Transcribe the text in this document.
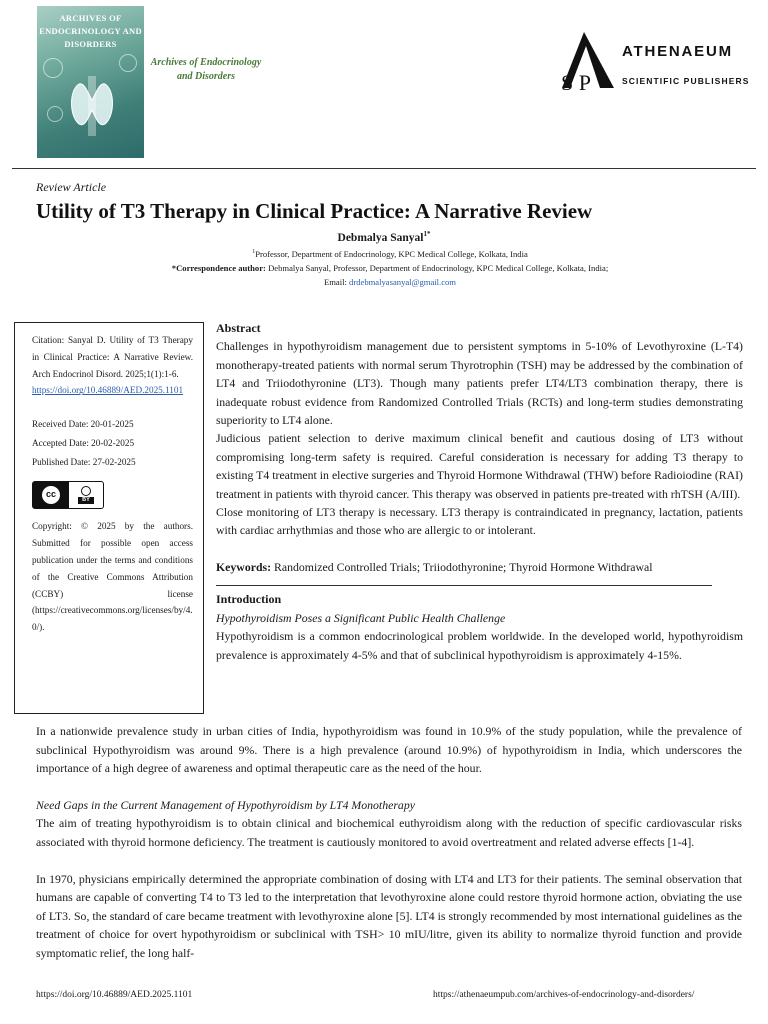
ARCHIVES OF ENDOCRINOLOGY AND DISORDERS
Archives of Endocrinology and Disorders	S P
ATHENAEUM
SCIENTIFIC PUBLISHERS
Review Article
Utility of T3 Therapy in Clinical Practice: A Narrative Review
Debmalya Sanyal$^{1*}$
$^1$Professor, Department of Endocrinology, KPC Medical College, Kolkata, India
*Correspondence author: Debmalya Sanyal, Professor, Department of Endocrinology, KPC Medical College, Kolkata, India;
Email: drdebmalyasanyal@gmail.com

Citation: Sanyal D. Utility of T3 Therapy in Clinical Practice: A Narrative Review. Arch Endocrinol Disord. 2025;1(1):1-6.

https://doi.org/10.46889/AED.2025.1101

Received Date: 20-01-2025

Accepted Date: 20-02-2025

Published Date: 27-02-2025

cc
BY

Copyright: © 2025 by the authors. Submitted for possible open access publication under the terms and conditions of the Creative Commons Attribution (CCBY) license (https://creativecommons.org/licenses/by/4.0/).

Abstract

Challenges in hypothyroidism management due to persistent symptoms in 5-10% of Levothyroxine (L-T4) monotherapy-treated patients with normal serum Thyrotrophin (TSH) may be addressed by the combination of LT4 and Triiodothyronine (LT3). Though many patients prefer LT4/LT3 combination therapy, there is inadequate robust evidence from Randomized Controlled Trials (RCTs) and long-term studies demonstrating superiority to LT4 alone.

Judicious patient selection to derive maximum clinical benefit and cautious dosing of LT3 without compromising long-term safety is required. Careful consideration is necessary for adding T3 therapy to existing T4 treatment in elective surgeries and Thyroid Hormone Withdrawal (THW) before Radioiodine (RAI) treatment in patients with thyroid cancer. This therapy was observed in patients pre-treated with rhTSH (A/III).

Close monitoring of LT3 therapy is necessary. LT3 therapy is contraindicated in pregnancy, lactation, patients with cardiac arrhythmias and those who are allergic to or intolerant.

Keywords: Randomized Controlled Trials; Triiodothyronine; Thyroid Hormone Withdrawal

Introduction

Hypothyroidism Poses a Significant Public Health Challenge

Hypothyroidism is a common endocrinological problem worldwide. In the developed world, hypothyroidism prevalence is approximately 4-5% and that of subclinical hypothyroidism is approximately 4-15%.

In a nationwide prevalence study in urban cities of India, hypothyroidism was found in 10.9% of the study population, while the prevalence of subclinical Hypothyroidism was around 9%. There is a high prevalence (around 10.9%) of hypothyroidism in India, which underscores the importance of a high degree of awareness and optimal therapeutic care as the need of the hour.

Need Gaps in the Current Management of Hypothyroidism by LT4 Monotherapy

The aim of treating hypothyroidism is to obtain clinical and biochemical euthyroidism along with the reduction of specific cardiovascular risks associated with thyroid hormone deficiency. The treatment is cautiously monitored to avoid overtreatment and related adverse effects [1-4].

In 1970, physicians empirically determined the appropriate combination of dosing with LT4 and LT3 for their patients. The seminal observation that humans are capable of converting T4 to T3 led to the interpretation that levothyroxine alone could restore thyroid hormone action, obviating the use of LT3. So, the standard of care became treatment with levothyroxine alone [5]. LT4 is strongly recommended by most international guidelines as the treatment of choice for overt hypothyroidism or subclinical with TSH> 10 mIU/litre, given its ability to normalize thyroid function and provide symptomatic relief, the long half-

https://doi.org/10.46889/AED.2025.1101	https://athenaeumpub.com/archives-of-endocrinology-and-disorders/
